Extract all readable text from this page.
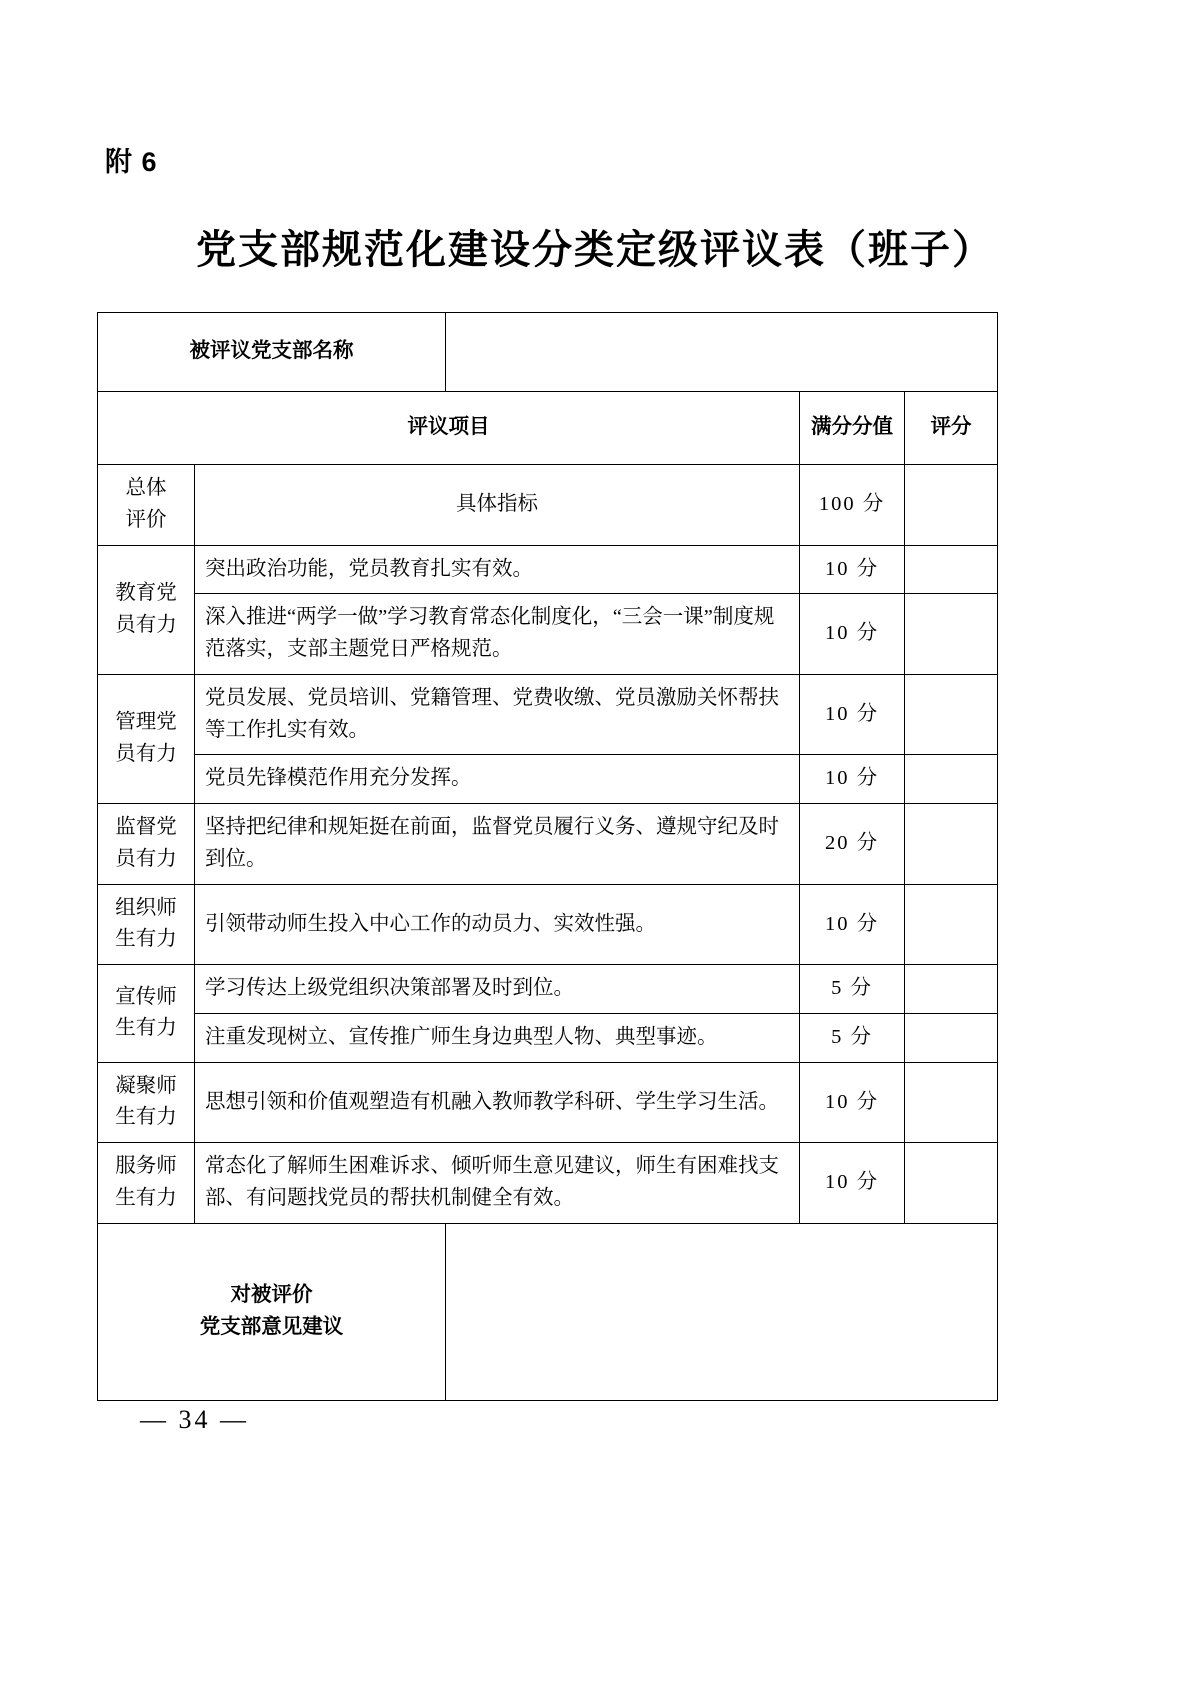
附 6
党支部规范化建设分类定级评议表（班子）
被评议党支部名称				
评议项目			满分分值	评分

总体
评价	具体指标		100 分	

教育党
员有力	突出政治功能，党员教育扎实有效。		10 分	
	深入推进“两学一做”学习教育常态化制度化，“三会一课”制度规范落实，支部主题党日严格规范。		10 分	

管理党
员有力	党员发展、党员培训、党籍管理、党费收缴、党员激励关怀帮扶等工作扎实有效。		10 分	
	党员先锋模范作用充分发挥。		10 分	

监督党
员有力	坚持把纪律和规矩挺在前面，监督党员履行义务、遵规守纪及时到位。		20 分	

组织师
生有力	引领带动师生投入中心工作的动员力、实效性强。		10 分	

宣传师
生有力	学习传达上级党组织决策部署及时到位。		5 分	
	注重发现树立、宣传推广师生身边典型人物、典型事迹。		5 分	

凝聚师
生有力	思想引领和价值观塑造有机融入教师教学科研、学生学习生活。		10 分	

服务师
生有力	常态化了解师生困难诉求、倾听师生意见建议，师生有困难找支部、有问题找党员的帮扶机制健全有效。		10 分	

对被评价
党支部意见建议				

— 34 —
